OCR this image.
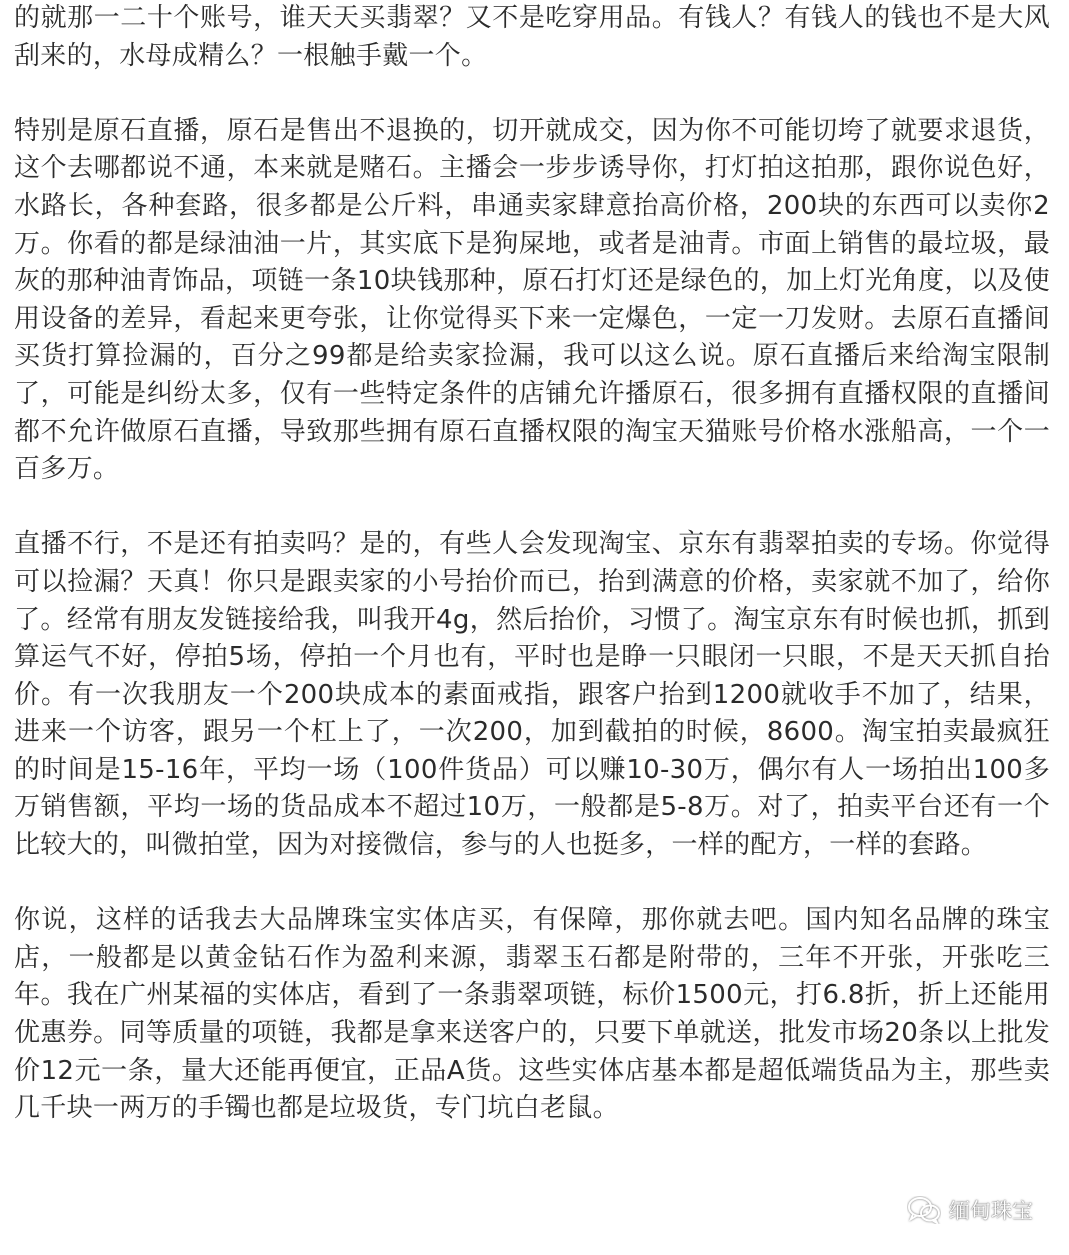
的就那一二十个账号，谁天天买翡翠？又不是吃穿用品。有钱人？有钱人的钱也不是大风刮来的，水母成精么？一根触手戴一个。

特别是原石直播，原石是售出不退换的，切开就成交，因为你不可能切垮了就要求退货，这个去哪都说不通，本来就是赌石。主播会一步步诱导你，打灯拍这拍那，跟你说色好，水路长，各种套路，很多都是公斤料，串通卖家肆意抬高价格，200块的东西可以卖你2万。你看的都是绿油油一片，其实底下是狗屎地，或者是油青。市面上销售的最垃圾，最灰的那种油青饰品，项链一条10块钱那种，原石打灯还是绿色的，加上灯光角度，以及使用设备的差异，看起来更夸张，让你觉得买下来一定爆色，一定一刀发财。去原石直播间买货打算捡漏的，百分之99都是给卖家捡漏，我可以这么说。原石直播后来给淘宝限制了，可能是纠纷太多，仅有一些特定条件的店铺允许播原石，很多拥有直播权限的直播间都不允许做原石直播，导致那些拥有原石直播权限的淘宝天猫账号价格水涨船高，一个一百多万。

直播不行，不是还有拍卖吗？是的，有些人会发现淘宝、京东有翡翠拍卖的专场。你觉得可以捡漏？天真！你只是跟卖家的小号抬价而已，抬到满意的价格，卖家就不加了，给你了。经常有朋友发链接给我，叫我开4g，然后抬价，习惯了。淘宝京东有时候也抓，抓到算运气不好，停拍5场，停拍一个月也有，平时也是睁一只眼闭一只眼，不是天天抓自抬价。有一次我朋友一个200块成本的素面戒指，跟客户抬到1200就收手不加了，结果，进来一个访客，跟另一个杠上了，一次200，加到截拍的时候，8600。淘宝拍卖最疯狂的时间是15-16年，平均一场（100件货品）可以赚10-30万，偶尔有人一场拍出100多万销售额，平均一场的货品成本不超过10万，一般都是5-8万。对了，拍卖平台还有一个比较大的，叫微拍堂，因为对接微信，参与的人也挺多，一样的配方，一样的套路。

你说，这样的话我去大品牌珠宝实体店买，有保障，那你就去吧。国内知名品牌的珠宝店，一般都是以黄金钻石作为盈利来源，翡翠玉石都是附带的，三年不开张，开张吃三年。我在广州某福的实体店，看到了一条翡翠项链，标价1500元，打6.8折，折上还能用优惠券。同等质量的项链，我都是拿来送客户的，只要下单就送，批发市场20条以上批发价12元一条，量大还能再便宜，正品A货。这些实体店基本都是超低端货品为主，那些卖几千块一两万的手镯也都是垃圾货，专门坑白老鼠。

缅甸珠宝
